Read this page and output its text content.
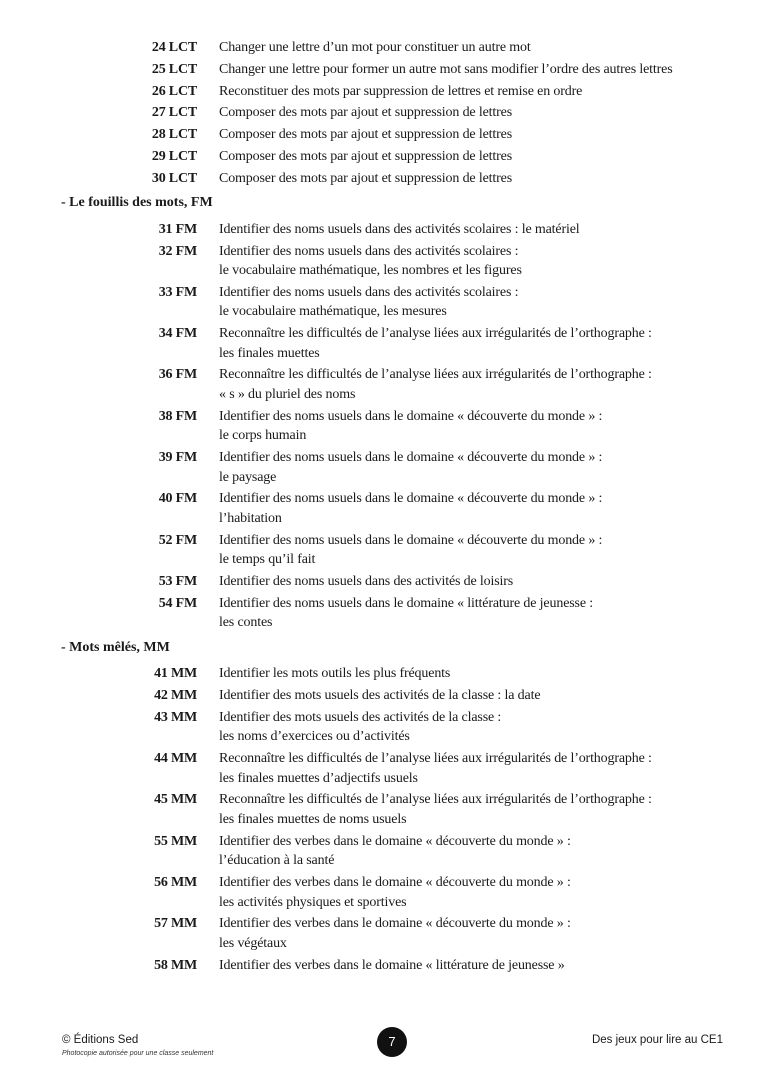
24 LCT Changer une lettre d’un mot pour constituer un autre mot
25 LCT Changer une lettre pour former un autre mot sans modifier l’ordre des autres lettres
26 LCT Reconstituer des mots par suppression de lettres et remise en ordre
27 LCT Composer des mots par ajout et suppression de lettres
28 LCT Composer des mots par ajout et suppression de lettres
29 LCT Composer des mots par ajout et suppression de lettres
30 LCT Composer des mots par ajout et suppression de lettres
- Le fouillis des mots, FM
31 FM Identifier des noms usuels dans des activités scolaires : le matériel
32 FM Identifier des noms usuels dans des activités scolaires :
le vocabulaire mathématique, les nombres et les figures
33 FM Identifier des noms usuels dans des activités scolaires :
le vocabulaire mathématique, les mesures
34 FM Reconnaître les difficultés de l’analyse liées aux irrégularités de l’orthographe :
les finales muettes
36 FM Reconnaître les difficultés de l’analyse liées aux irrégularités de l’orthographe :
« s » du pluriel des noms
38 FM Identifier des noms usuels dans le domaine « découverte du monde » :
le corps humain
39 FM Identifier des noms usuels dans le domaine « découverte du monde » :
le paysage
40 FM Identifier des noms usuels dans le domaine « découverte du monde » :
l’habitation
52 FM Identifier des noms usuels dans le domaine « découverte du monde » :
le temps qu’il fait
53 FM Identifier des noms usuels dans des activités de loisirs
54 FM Identifier des noms usuels dans le domaine « littérature de jeunesse :
les contes
- Mots mêlés, MM
41 MM Identifier les mots outils les plus fréquents
42 MM Identifier des mots usuels des activités de la classe : la date
43 MM Identifier des mots usuels des activités de la classe :
les noms d’exercices ou d’activités
44 MM Reconnaître les difficultés de l’analyse liées aux irrégularités de l’orthographe :
les finales muettes d’adjectifs usuels
45 MM Reconnaître les difficultés de l’analyse liées aux irrégularités de l’orthographe :
les finales muettes de noms usuels
55 MM Identifier des verbes dans le domaine « découverte du monde » :
l’éducation à la santé
56 MM Identifier des verbes dans le domaine « découverte du monde » :
les activités physiques et sportives
57 MM Identifier des verbes dans le domaine « découverte du monde » :
les végétaux
58 MM Identifier des verbes dans le domaine « littérature de jeunesse »
© Éditions Sed
Photocopie autorisée pour une classe seulement
7	Des jeux pour lire au CE1
